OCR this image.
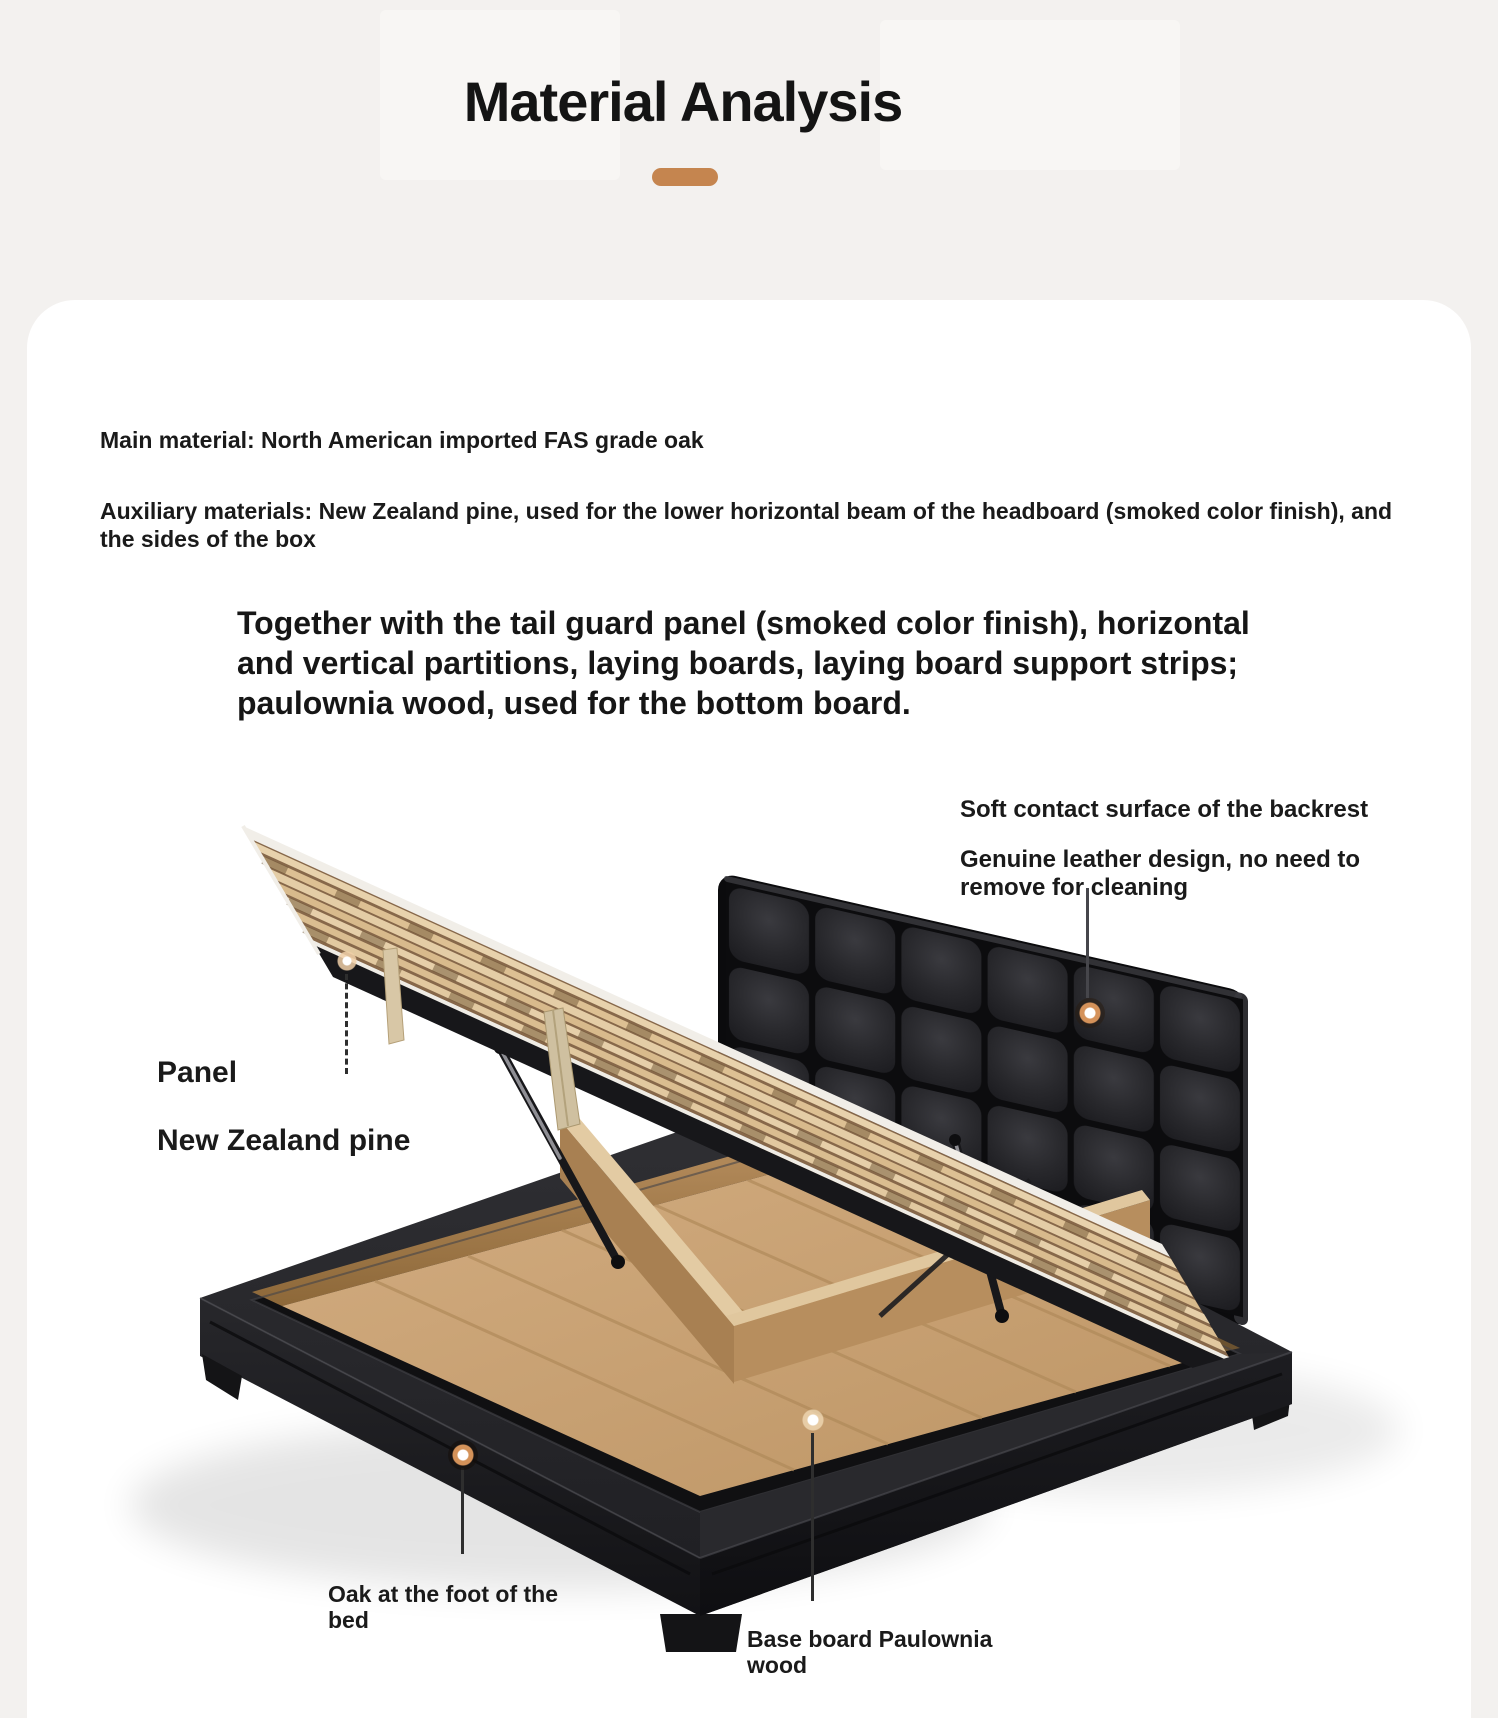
Material Analysis

Main material: North American imported FAS grade oak

Auxiliary materials: New Zealand pine, used for the lower horizontal beam of the headboard (smoked color finish), and the sides of the box

Together with the tail guard panel (smoked color finish), horizontal and vertical partitions, laying boards, laying board support strips; paulownia wood, used for the bottom board.

Soft contact surface of the backrest

Genuine leather design, no need to remove for cleaning

Panel

New Zealand pine

Oak at the foot of the bed

Base board Paulownia wood
